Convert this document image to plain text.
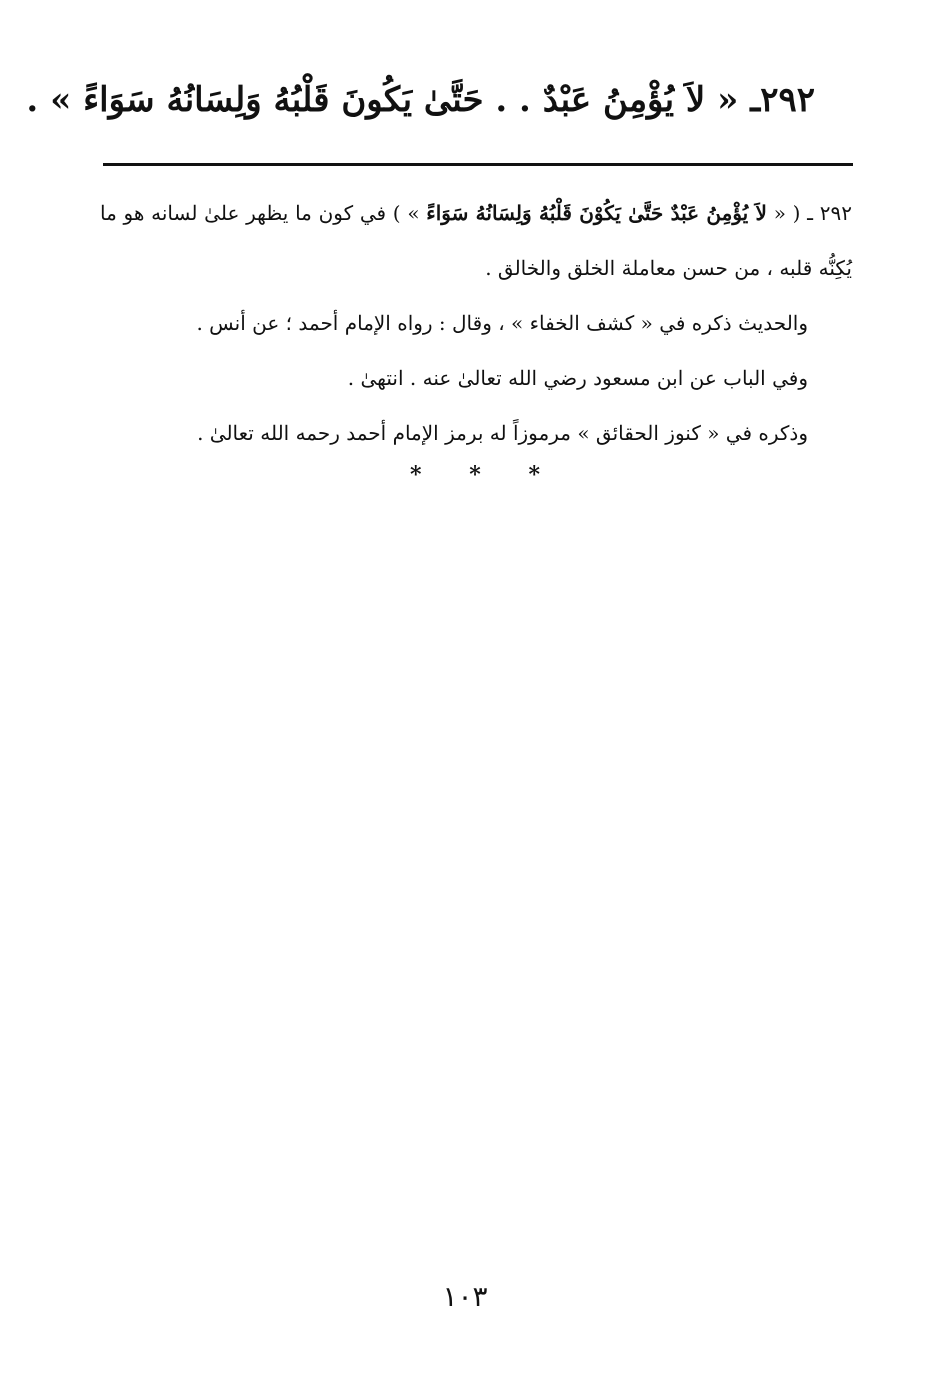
٢٩٢ـ « لاَ يُؤْمِنُ عَبْدٌ . . حَتَّىٰ يَكُونَ قَلْبُهُ وَلِسَانُهُ سَوَاءً » .

٢٩٢ ـ ( « لاَ يُؤْمِنُ عَبْدٌ حَتَّىٰ يَكُوْنَ قَلْبُهُ وَلِسَانُهُ سَوَاءً » ) في كون ما يظهر علىٰ لسانه هو ما يُكِنُّه قلبه ، من حسن معاملة الخلق والخالق .

والحديث ذكره في « كشف الخفاء » ، وقال : رواه الإمام أحمد ؛ عن أنس .

وفي الباب عن ابن مسعود رضي الله تعالىٰ عنه . انتهىٰ .

وذكره في « كنوز الحقائق » مرموزاً له برمز الإمام أحمد رحمه الله تعالىٰ .

*
*
*
١٠٣
